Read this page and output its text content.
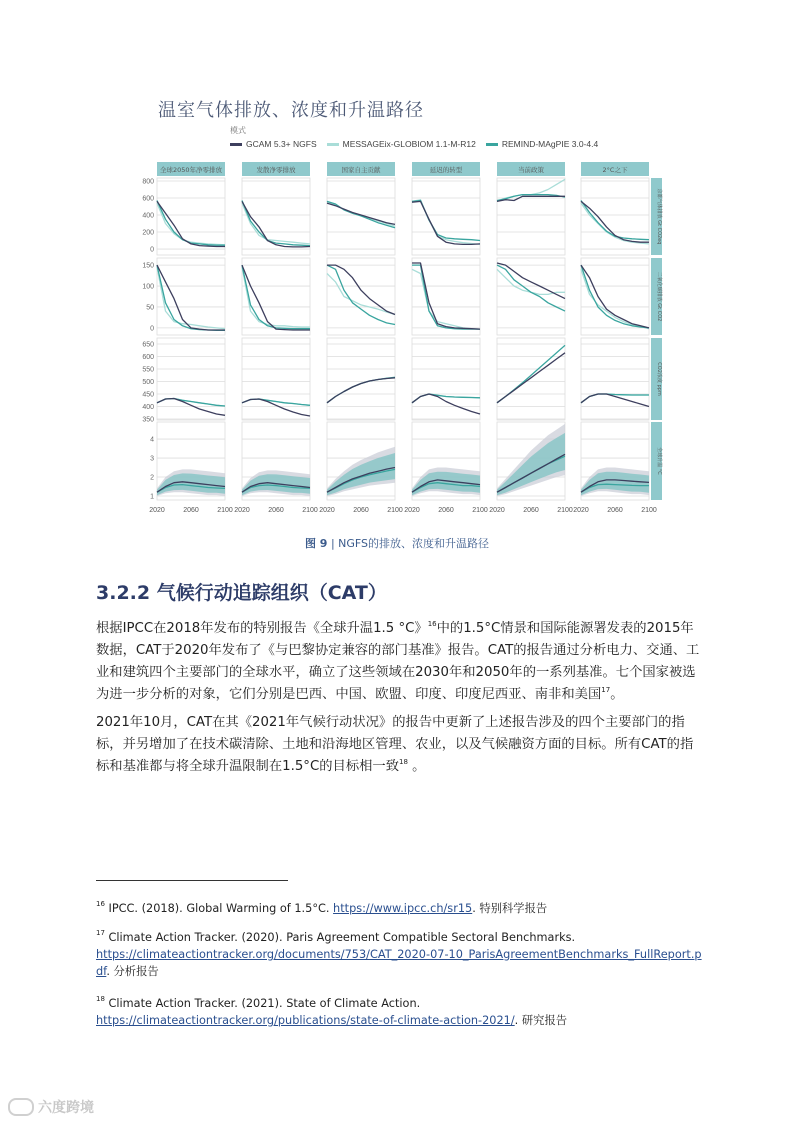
温室气体排放、浓度和升温路径
模式
GCAM 5.3+ NGFS	MESSAGEix-GLOBIOM 1.1-M-R12	REMIND-MAgPIE 3.0-4.4
全球2050年净零排放	发散净零排放	国家自主贡献	延迟的转型	当前政策	2°C之下
京都气体排放 Gt CO2eq
0
200
400
600
800
二氧化碳排放 Gt CO2
0
50
100
150
CO2浓度 ppm
350
400
450
500
550
600
650
全球升温 °C
1
2
3
4
2020	2060	2100 2020	2060	2100 2020	2060	2100 2020	2060	2100 2020	2060	2100 2020	2060	2100
图 9 | NGFS的排放、浓度和升温路径
3.2.2 气候行动追踪组织（CAT）
根据IPCC在2018年发布的特别报告《全球升温1.5 °C》$^{16}$中的1.5°C情景和国际能源署发表的2015年数据，CAT于2020年发布了《与巴黎协定兼容的部门基准》报告。CAT的报告通过分析电力、交通、工业和建筑四个主要部门的全球水平，确立了这些领域在2030年和2050年的一系列基准。七个国家被选为进一步分析的对象，它们分别是巴西、中国、欧盟、印度、印度尼西亚、南非和美国$^{17}$。
2021年10月，CAT在其《2021年气候行动状况》的报告中更新了上述报告涉及的四个主要部门的指标，并另增加了在技术碳清除、土地和沿海地区管理、农业，以及气候融资方面的目标。所有CAT的指标和基准都与将全球升温限制在1.5°C的目标相一致$^{18}$ 。
$^{16}$ IPCC. (2018). Global Warming of 1.5°C. https://www.ipcc.ch/sr15. 特别科学报告
$^{17}$ Climate Action Tracker. (2020). Paris Agreement Compatible Sectoral Benchmarks.
https://climateactiontracker.org/documents/753/CAT_2020-07-10_ParisAgreementBenchmarks_FullReport.pdf. 分析报告
$^{18}$ Climate Action Tracker. (2021). State of Climate Action.
https://climateactiontracker.org/publications/state-of-climate-action-2021/. 研究报告
六度跨境
